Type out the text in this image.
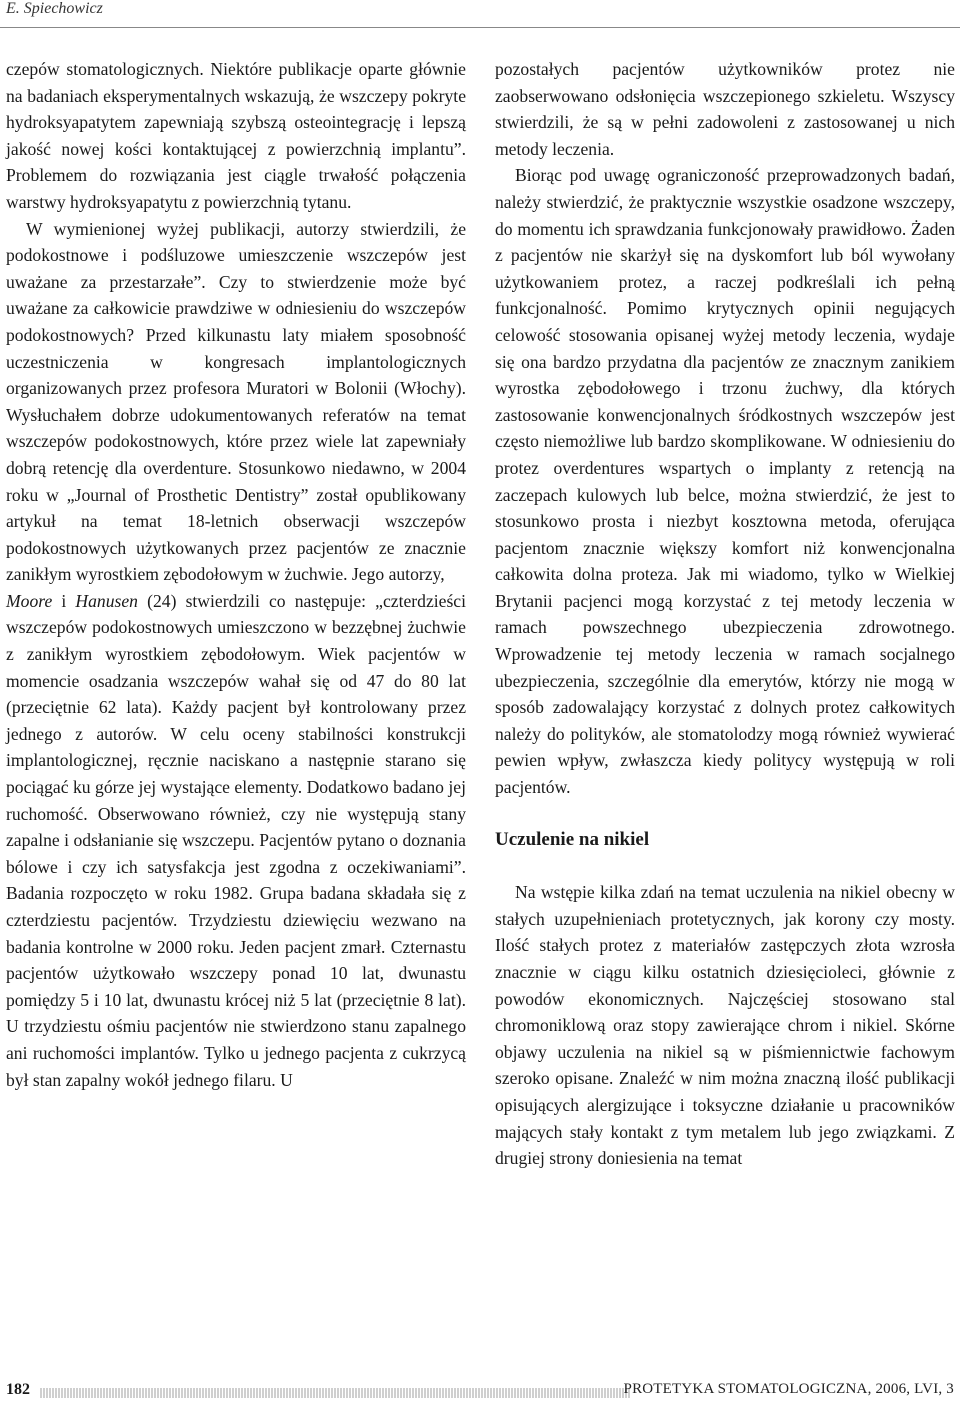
E. Spiechowicz

czepów stomatologicznych. Niektóre publikacje oparte głównie na badaniach eksperymentalnych wskazują, że wszczepy pokryte hydroksyapatytem zapewniają szybszą osteointegrację i lepszą jakość nowej kości kontaktującej z powierzchnią implantu”. Problemem do rozwiązania jest ciągle trwałość połączenia warstwy hydroksyapatytu z powierzchnią tytanu.

W wymienionej wyżej publikacji, autorzy stwierdzili, że podokostnowe i podśluzowe umieszczenie wszczepów jest uważane za przestarzałe”. Czy to stwierdzenie może być uważane za całkowicie prawdziwe w odniesieniu do wszczepów podokostnowych? Przed kilkunastu laty miałem sposobność uczestniczenia w kongresach implantologicznych organizowanych przez profesora Muratori w Bolonii (Włochy). Wysłuchałem dobrze udokumentowanych referatów na temat wszczepów podokostnowych, które przez wiele lat zapewniały dobrą retencję dla overdenture. Stosunkowo niedawno, w 2004 roku w „Journal of Prosthetic Dentistry” został opublikowany artykuł na temat 18-letnich obserwacji wszczepów podokostnowych użytkowanych przez pacjentów ze znacznie zanikłym wyrostkiem zębodołowym w żuchwie. Jego autorzy,
Moore i Hanusen (24) stwierdzili co następuje: „czterdzieści wszczepów podokostnowych umieszczono w bezzębnej żuchwie z zanikłym wyrostkiem zębodołowym. Wiek pacjentów w momencie osadzania wszczepów wahał się od 47 do 80 lat (przeciętnie 62 lata). Każdy pacjent był kontrolowany przez jednego z autorów. W celu oceny stabilności konstrukcji implantologicznej, ręcznie naciskano a następnie starano się pociągać ku górze jej wystające elementy. Dodatkowo badano jej ruchomość. Obserwowano również, czy nie występują stany zapalne i odsłanianie się wszczepu. Pacjentów pytano o doznania bólowe i czy ich satysfakcja jest zgodna z oczekiwaniami”. Badania rozpoczęto w roku 1982. Grupa badana składała się z czterdziestu pacjentów. Trzydziestu dziewięciu wezwano na badania kontrolne w 2000 roku. Jeden pacjent zmarł. Czternastu pacjentów użytkowało wszczepy ponad 10 lat, dwunastu pomiędzy 5 i 10 lat, dwunastu krócej niż 5 lat (przeciętnie 8 lat). U trzydziestu ośmiu pacjentów nie stwierdzono stanu zapalnego ani ruchomości implantów. Tylko u jednego pacjenta z cukrzycą był stan zapalny wokół jednego filaru. U

pozostałych pacjentów użytkowników protez nie zaobserwowano odsłonięcia wszczepionego szkieletu. Wszyscy stwierdzili, że są w pełni zadowoleni z zastosowanej u nich metody leczenia.

Biorąc pod uwagę ograniczoność przeprowadzonych badań, należy stwierdzić, że praktycznie wszystkie osadzone wszczepy, do momentu ich sprawdzania funkcjonowały prawidłowo. Żaden z pacjentów nie skarżył się na dyskomfort lub ból wywołany użytkowaniem protez, a raczej podkreślali ich pełną funkcjonalność. Pomimo krytycznych opinii negujących celowość stosowania opisanej wyżej metody leczenia, wydaje się ona bardzo przydatna dla pacjentów ze znacznym zanikiem wyrostka zębodołowego i trzonu żuchwy, dla których zastosowanie konwencjonalnych śródkostnych wszczepów jest często niemożliwe lub bardzo skomplikowane. W odniesieniu do protez overdentures wspartych o implanty z retencją na zaczepach kulowych lub belce, można stwierdzić, że jest to stosunkowo prosta i niezbyt kosztowna metoda, oferująca pacjentom znacznie większy komfort niż konwencjonalna całkowita dolna proteza. Jak mi wiadomo, tylko w Wielkiej Brytanii pacjenci mogą korzystać z tej metody leczenia w ramach powszechnego ubezpieczenia zdrowotnego. Wprowadzenie tej metody leczenia w ramach socjalnego ubezpieczenia, szczególnie dla emerytów, którzy nie mogą w sposób zadowalający korzystać z dolnych protez całkowitych należy do polityków, ale stomatolodzy mogą również wywierać pewien wpływ, zwłaszcza kiedy politycy występują w roli pacjentów.

Uczulenie na nikiel

Na wstępie kilka zdań na temat uczulenia na nikiel obecny w stałych uzupełnieniach protetycznych, jak korony czy mosty. Ilość stałych protez z materiałów zastępczych złota wzrosła znacznie w ciągu kilku ostatnich dziesięcioleci, głównie z powodów ekonomicznych. Najczęściej stosowano stal chromoniklową oraz stopy zawierające chrom i nikiel. Skórne objawy uczulenia na nikiel są w piśmiennictwie fachowym szeroko opisane. Znaleźć w nim można znaczną ilość publikacji opisujących alergizujące i toksyczne działanie u pracowników mających stały kontakt z tym metalem lub jego związkami. Z drugiej strony doniesienia na temat

182	PROTETYKA STOMATOLOGICZNA, 2006, LVI, 3
